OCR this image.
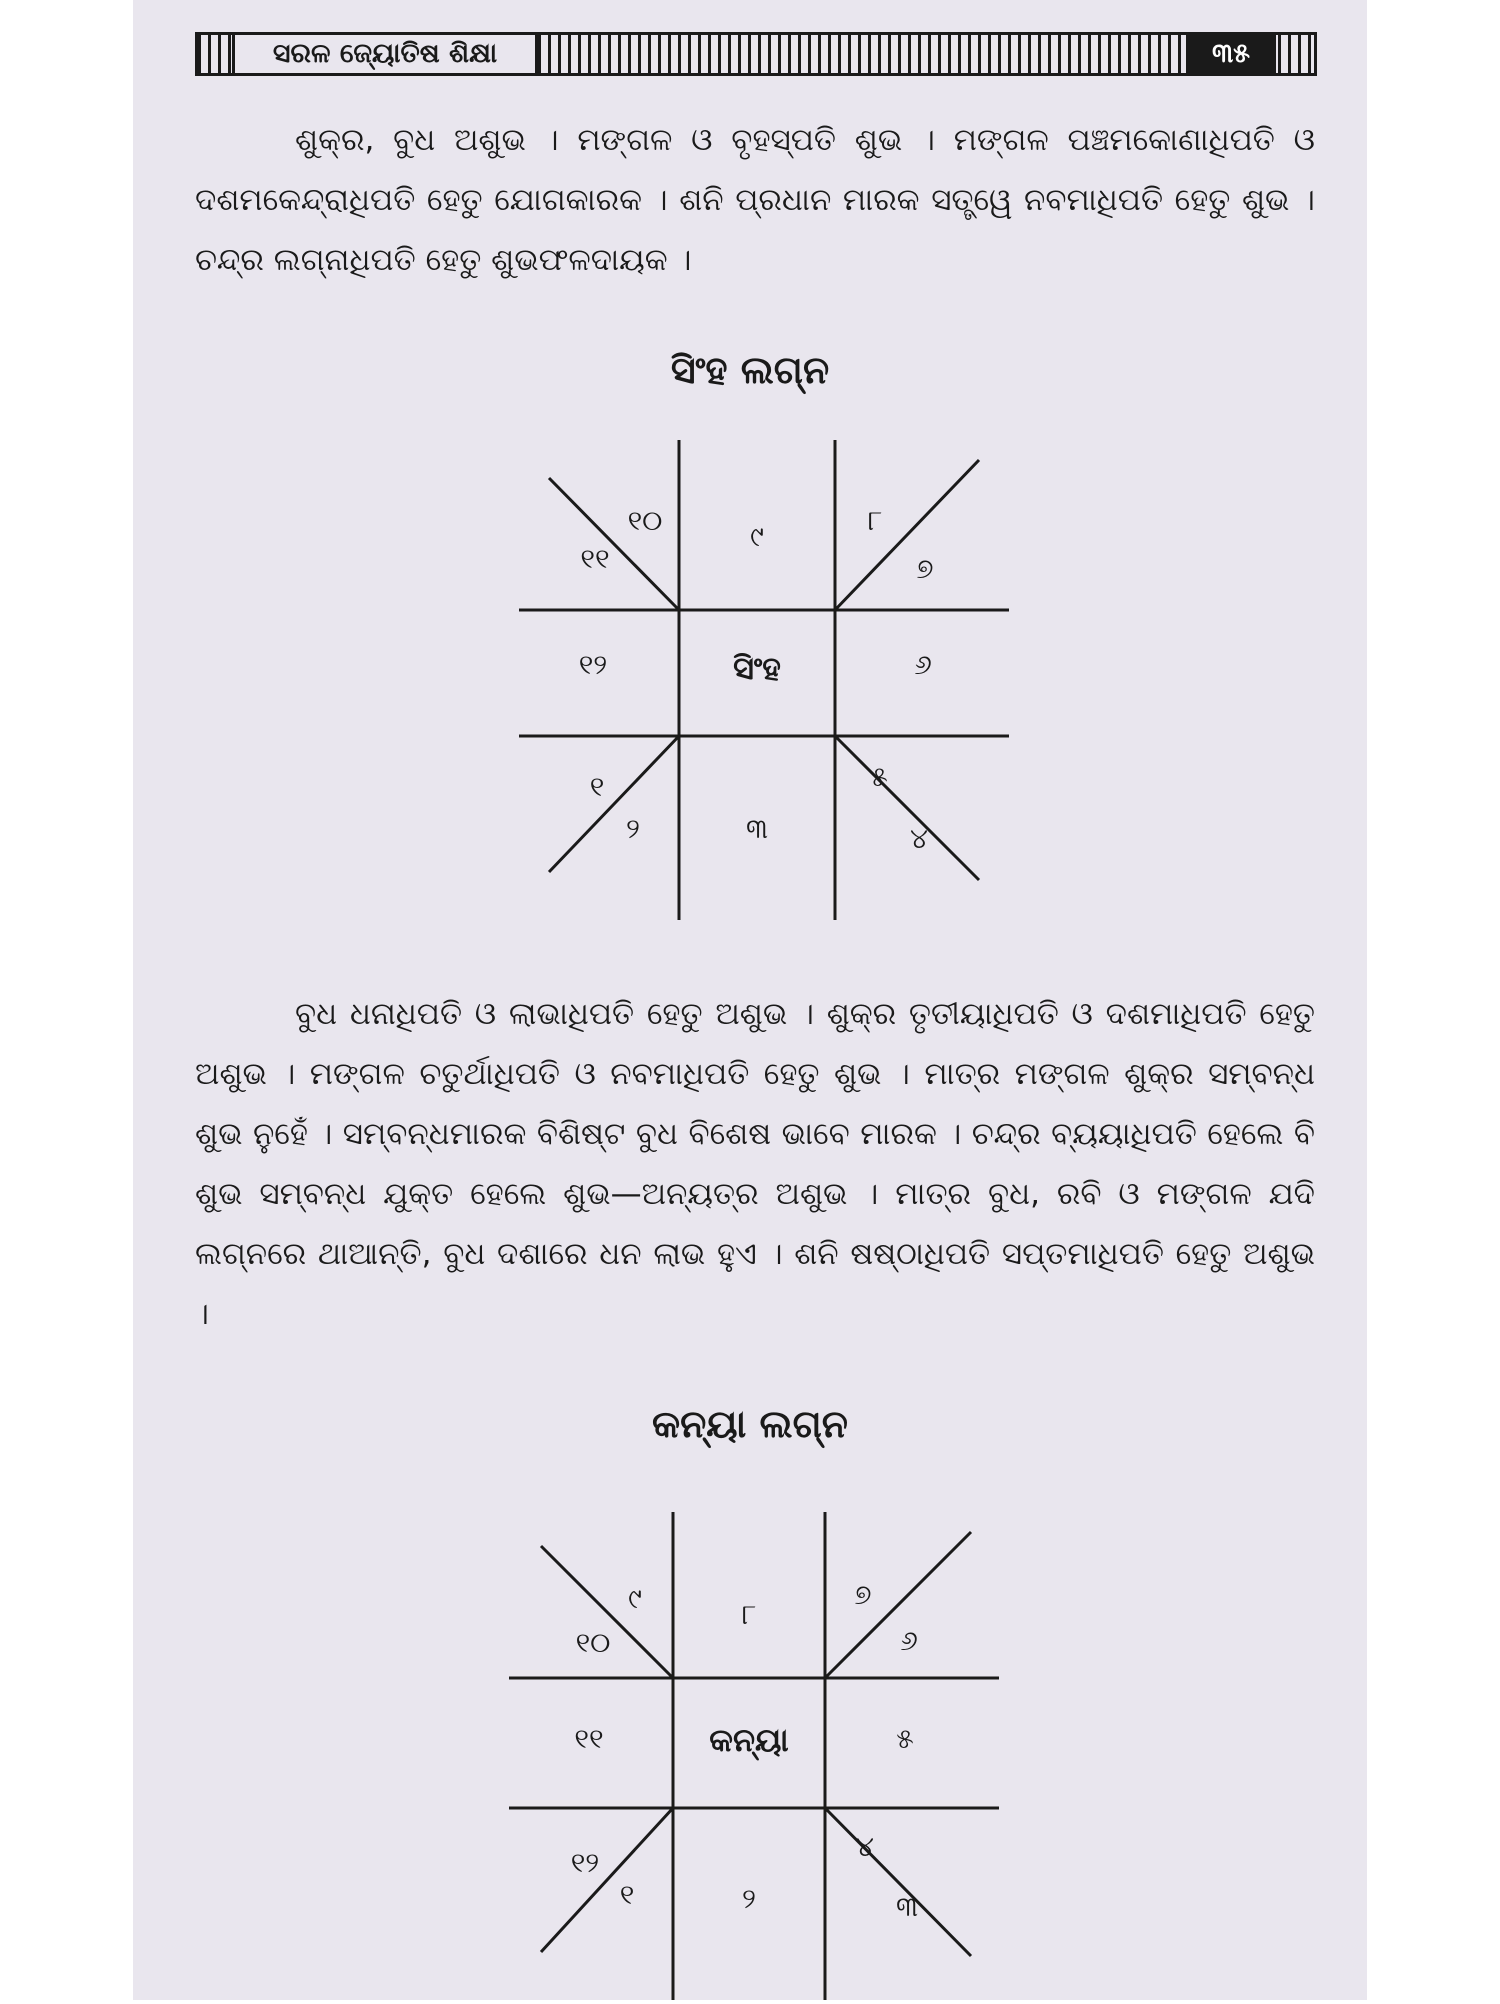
ସରଳ ଜ୍ୟୋତିଷ ଶିକ୍ଷା	୩୫

ଶୁକ୍ର, ବୁଧ ଅଶୁଭ । ମଙ୍ଗଳ ଓ ବୃହସ୍ପତି ଶୁଭ । ମଙ୍ଗଳ ପଞ୍ଚମକୋଣାଧିପତି ଓ ଦଶମକେନ୍ଦ୍ରାଧିପତି ହେତୁ ଯୋଗକାରକ । ଶନି ପ୍ରଧାନ ମାରକ ସତ୍ତ୍ୱେ ନବମାଧିପତି ହେତୁ ଶୁଭ । ଚନ୍ଦ୍ର ଲଗ୍ନାଧିପତି ହେତୁ ଶୁଭଫଳଦାୟକ ।

ସିଂହ ଲଗ୍ନ
୧୧
୧୦	୯	୮
୭
୧୨	ସିଂହ	୬
୧
୨	୩
୫
୪

ବୁଧ ଧନାଧିପତି ଓ ଲାଭାଧିପତି ହେତୁ ଅଶୁଭ । ଶୁକ୍ର ତୃତୀୟାଧିପତି ଓ ଦଶମାଧିପତି ହେତୁ ଅଶୁଭ । ମଙ୍ଗଳ ଚତୁର୍ଥାଧିପତି ଓ ନବମାଧିପତି ହେତୁ ଶୁଭ । ମାତ୍ର ମଙ୍ଗଳ ଶୁକ୍ର ସମ୍ବନ୍ଧ ଶୁଭ ନୁହେଁ । ସମ୍ବନ୍ଧମାରକ ବିଶିଷ୍ଟ ବୁଧ ବିଶେଷ ଭାବେ ମାରକ । ଚନ୍ଦ୍ର ବ୍ୟୟାଧିପତି ହେଲେ ବି ଶୁଭ ସମ୍ବନ୍ଧ ଯୁକ୍ତ ହେଲେ ଶୁଭ—ଅନ୍ୟତ୍ର ଅଶୁଭ । ମାତ୍ର ବୁଧ, ରବି ଓ ମଙ୍ଗଳ ଯଦି ଲଗ୍ନରେ ଥାଆନ୍ତି, ବୁଧ ଦଶାରେ ଧନ ଲାଭ ହୁଏ । ଶନି ଷଷ୍ଠାଧିପତି ସପ୍ତମାଧିପତି ହେତୁ ଅଶୁଭ ।

କନ୍ୟା ଲଗ୍ନ
୯
୧୦
୮
୭
୬
୧୧	କନ୍ୟା	୫
୧୨
୧	୨
୪
୩
